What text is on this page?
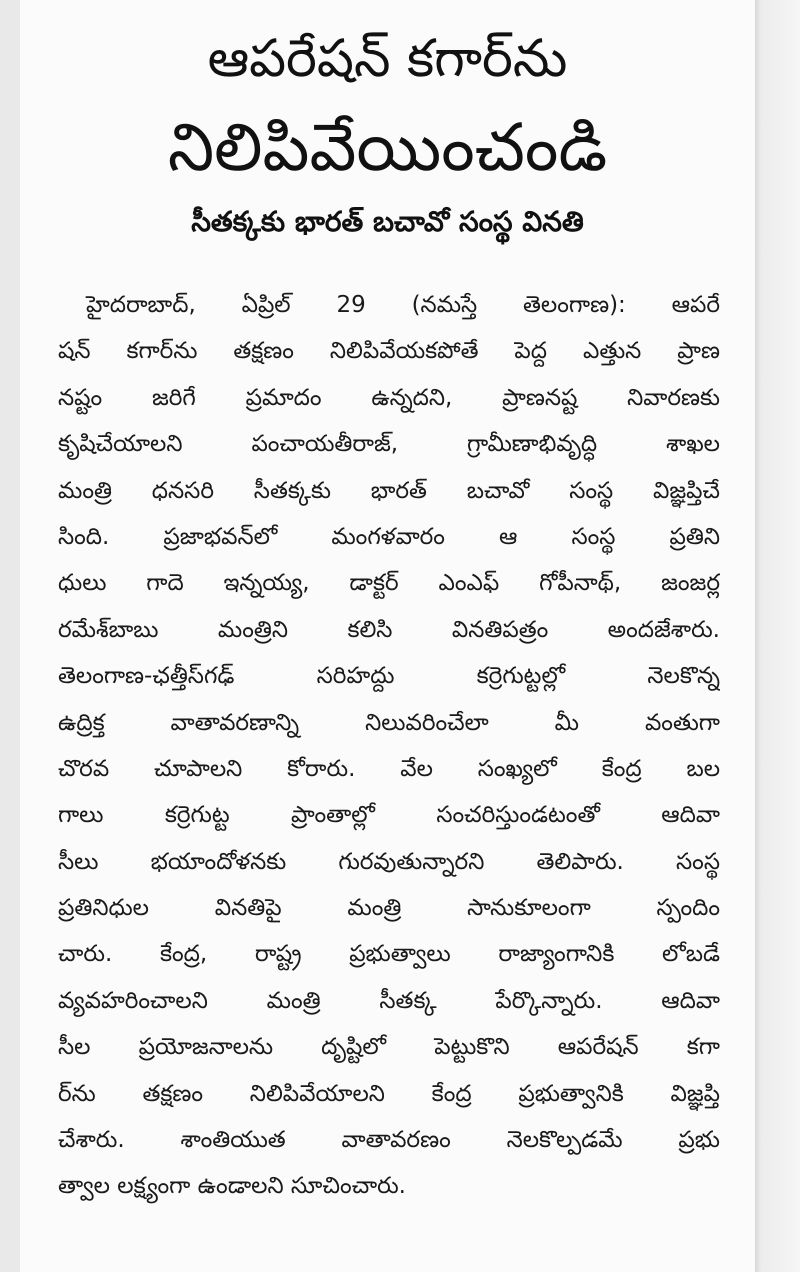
ఆపరేషన్ కగార్‌ను
నిలిపివేయించండి
సీతక్కకు భారత్ బచావో సంస్థ వినతి
హైదరాబాద్, ఏప్రిల్ 29 (నమస్తే తెలంగాణ): ఆపరే
షన్ కగార్‌ను తక్షణం నిలిపివేయకపోతే పెద్ద ఎత్తున ప్రాణ
నష్టం జరిగే ప్రమాదం ఉన్నదని, ప్రాణనష్ట నివారణకు
కృషిచేయాలని పంచాయతీరాజ్, గ్రామీణాభివృద్ధి శాఖల
మంత్రి ధనసరి సీతక్కకు భారత్ బచావో సంస్థ విజ్ఞప్తిచే
సింది. ప్రజాభవన్‌లో మంగళవారం ఆ సంస్థ ప్రతిని
ధులు గాదె ఇన్నయ్య, డాక్టర్ ఎంఎఫ్ గోపీనాథ్, జంజర్ల
రమేశ్‌బాబు మంత్రిని కలిసి వినతిపత్రం అందజేశారు.
తెలంగాణ-ఛత్తీస్‌గఢ్ సరిహద్దు కర్రెగుట్టల్లో నెలకొన్న
ఉద్రిక్త వాతావరణాన్ని నిలువరించేలా మీ వంతుగా
చొరవ చూపాలని కోరారు. వేల సంఖ్యలో కేంద్ర బల
గాలు కర్రెగుట్ట ప్రాంతాల్లో సంచరిస్తుండటంతో ఆదివా
సీలు భయాందోళనకు గురవుతున్నారని తెలిపారు. సంస్థ
ప్రతినిధుల వినతిపై మంత్రి సానుకూలంగా స్పందిం
చారు. కేంద్ర, రాష్ట్ర ప్రభుత్వాలు రాజ్యాంగానికి లోబడే
వ్యవహరించాలని మంత్రి సీతక్క పేర్కొన్నారు. ఆదివా
సీల ప్రయోజనాలను దృష్టిలో పెట్టుకొని ఆపరేషన్ కగా
ర్‌ను తక్షణం నిలిపివేయాలని కేంద్ర ప్రభుత్వానికి విజ్ఞప్తి
చేశారు. శాంతియుత వాతావరణం నెలకొల్పడమే ప్రభు
త్వాల లక్ష్యంగా ఉండాలని సూచించారు.
